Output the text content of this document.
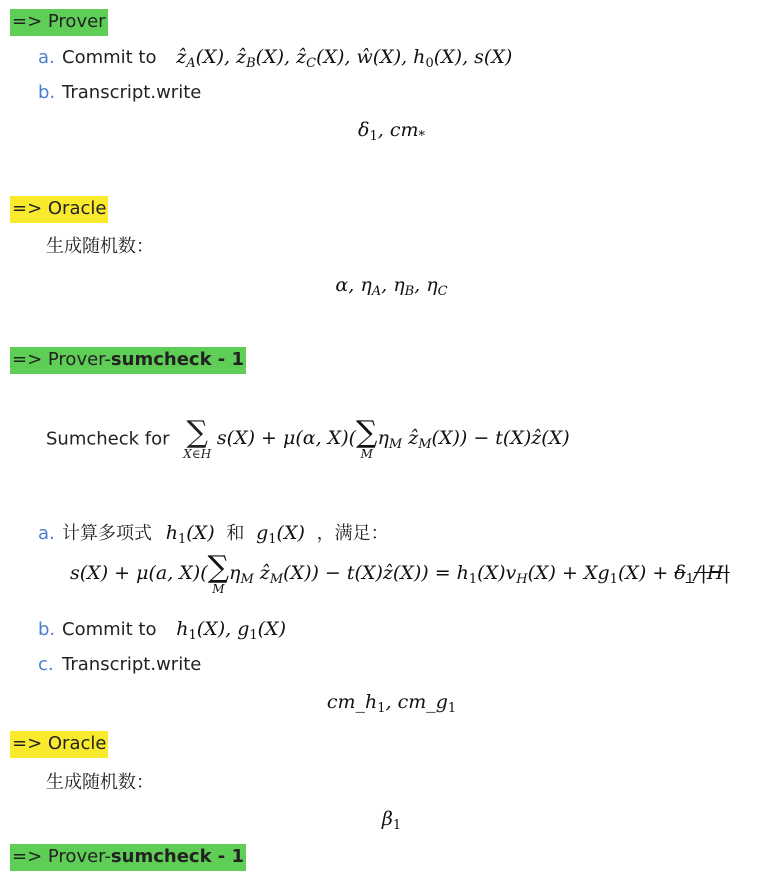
=> Prover
a. Commit to ẑ$_A$(X), ẑ$_B$(X), ẑ$_C$(X), ŵ(X), $h_0(X)$, s(X)
b. Transcript.write
$\delta_1$, $cm_*$
=> Oracle
生成随机数：
α, $\eta_A$, $\eta_B$, $\eta_C$
=> Prover-sumcheck - 1
Sumcheck for ∑
X∈H
s(X) + μ(α, X)( ∑
M
$\eta_M$ ẑ$_M$(X)) − t(X)ẑ(X)
a. 计算多项式 $h_1(X)$ 和 $g_1(X)$ ，满足：
s(X) + μ(a, X)( ∑
M
$\eta_M$ ẑ$_M$(X)) − t(X)ẑ(X)) = $h_1(X)v_H(X) + Xg_1(X) + \delta_1/|H|$
b. Commit to $h_1(X)$, $g_1(X)$
c. Transcript.write
$cm\_h_1$, $cm\_g_1$
=> Oracle
生成随机数：
$\beta_1$
=> Prover-sumcheck - 1
